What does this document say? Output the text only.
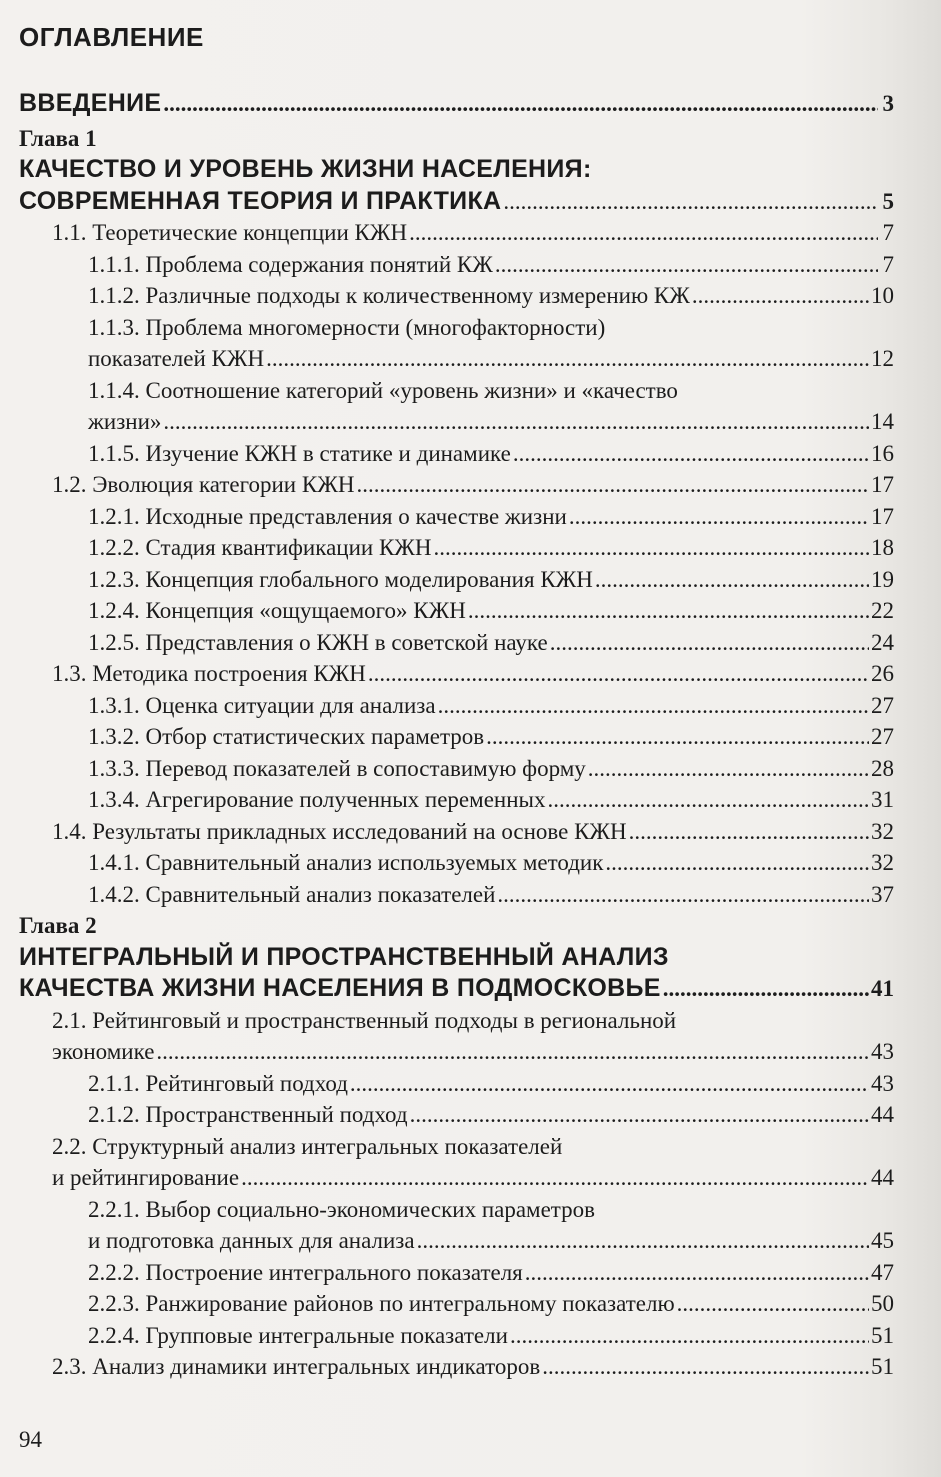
ОГЛАВЛЕНИЕ
ВВЕДЕНИЕ .....	3
Глава 1
КАЧЕСТВО И УРОВЕНЬ ЖИЗНИ НАСЕЛЕНИЯ:
СОВРЕМЕННАЯ ТЕОРИЯ И ПРАКТИКА .....	5
1.1. Теоретические концепции КЖН .....	7
1.1.1. Проблема содержания понятий КЖ .....	7
1.1.2. Различные подходы к количественному измерению КЖ .....	10
1.1.3. Проблема многомерности (многофакторности)
показателей КЖН .....	12
1.1.4. Соотношение категорий «уровень жизни» и «качество
жизни» .....	14
1.1.5. Изучение КЖН в статике и динамике .....	16
1.2. Эволюция категории КЖН .....	17
1.2.1. Исходные представления о качестве жизни .....	17
1.2.2. Стадия квантификации КЖН .....	18
1.2.3. Концепция глобального моделирования КЖН .....	19
1.2.4. Концепция «ощущаемого» КЖН .....	22
1.2.5. Представления о КЖН в советской науке .....	24
1.3. Методика построения КЖН .....	26
1.3.1. Оценка ситуации для анализа .....	27
1.3.2. Отбор статистических параметров .....	27
1.3.3. Перевод показателей в сопоставимую форму .....	28
1.3.4. Агрегирование полученных переменных .....	31
1.4. Результаты прикладных исследований на основе КЖН .....	32
1.4.1. Сравнительный анализ используемых методик .....	32
1.4.2. Сравнительный анализ показателей .....	37
Глава 2
ИНТЕГРАЛЬНЫЙ И ПРОСТРАНСТВЕННЫЙ АНАЛИЗ
КАЧЕСТВА ЖИЗНИ НАСЕЛЕНИЯ В ПОДМОСКОВЬЕ .....	41
2.1. Рейтинговый и пространственный подходы в региональной
экономике .....	43
2.1.1. Рейтинговый подход .....	43
2.1.2. Пространственный подход .....	44
2.2. Структурный анализ интегральных показателей
и рейтингирование .....	44
2.2.1. Выбор социально-экономических параметров
и подготовка данных для анализа .....	45
2.2.2. Построение интегрального показателя .....	47
2.2.3. Ранжирование районов по интегральному показателю .....	50
2.2.4. Групповые интегральные показатели .....	51
2.3. Анализ динамики интегральных индикаторов .....	51
94
